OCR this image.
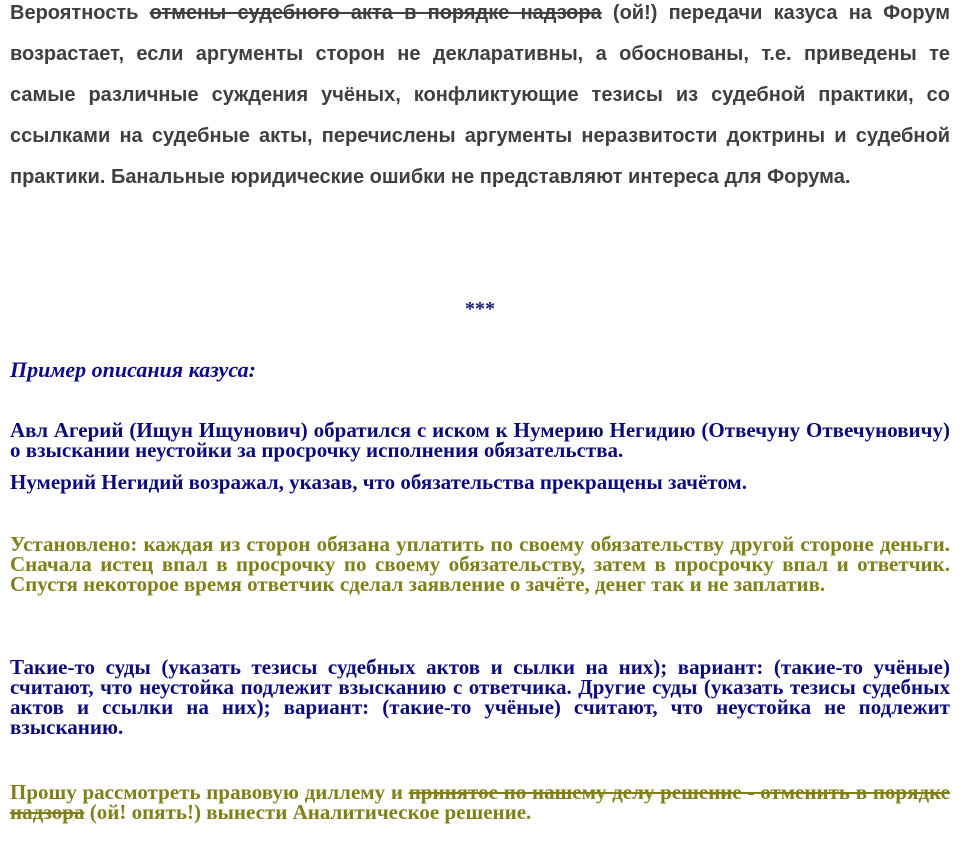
Вероятность отмены судебного акта в порядке надзора (ой!) передачи казуса на Форум возрастает, если аргументы сторон не декларативны, а обоснованы, т.е. приведены те самые различные суждения учёных, конфликтующие тезисы из судебной практики, со ссылками на судебные акты, перечислены аргументы неразвитости доктрины и судебной практики. Банальные юридические ошибки не представляют интереса для Форума.

***

Пример описания казуса:

Авл Агерий (Ищун Ищунович) обратился с иском к Нумерию Негидию (Отвечуну Отвечуновичу) о взыскании неустойки за просрочку исполнения обязательства.

Нумерий Негидий возражал, указав, что обязательства прекращены зачётом.

Установлено: каждая из сторон обязана уплатить по своему обязательству другой стороне деньги. Сначала истец впал в просрочку по своему обязательству, затем в просрочку впал и ответчик. Спустя некоторое время ответчик сделал заявление о зачёте, денег так и не заплатив.

Такие-то суды (указать тезисы судебных актов и сылки на них); вариант: (такие-то учёные) считают, что неустойка подлежит взысканию с ответчика. Другие суды (указать тезисы судебных актов и ссылки на них); вариант: (такие-то учёные) считают, что неустойка не подлежит взысканию.

Прошу рассмотреть правовую диллему и принятое по нашему делу решение - отменить в порядке надзора (ой! опять!) вынести Аналитическое решение.
